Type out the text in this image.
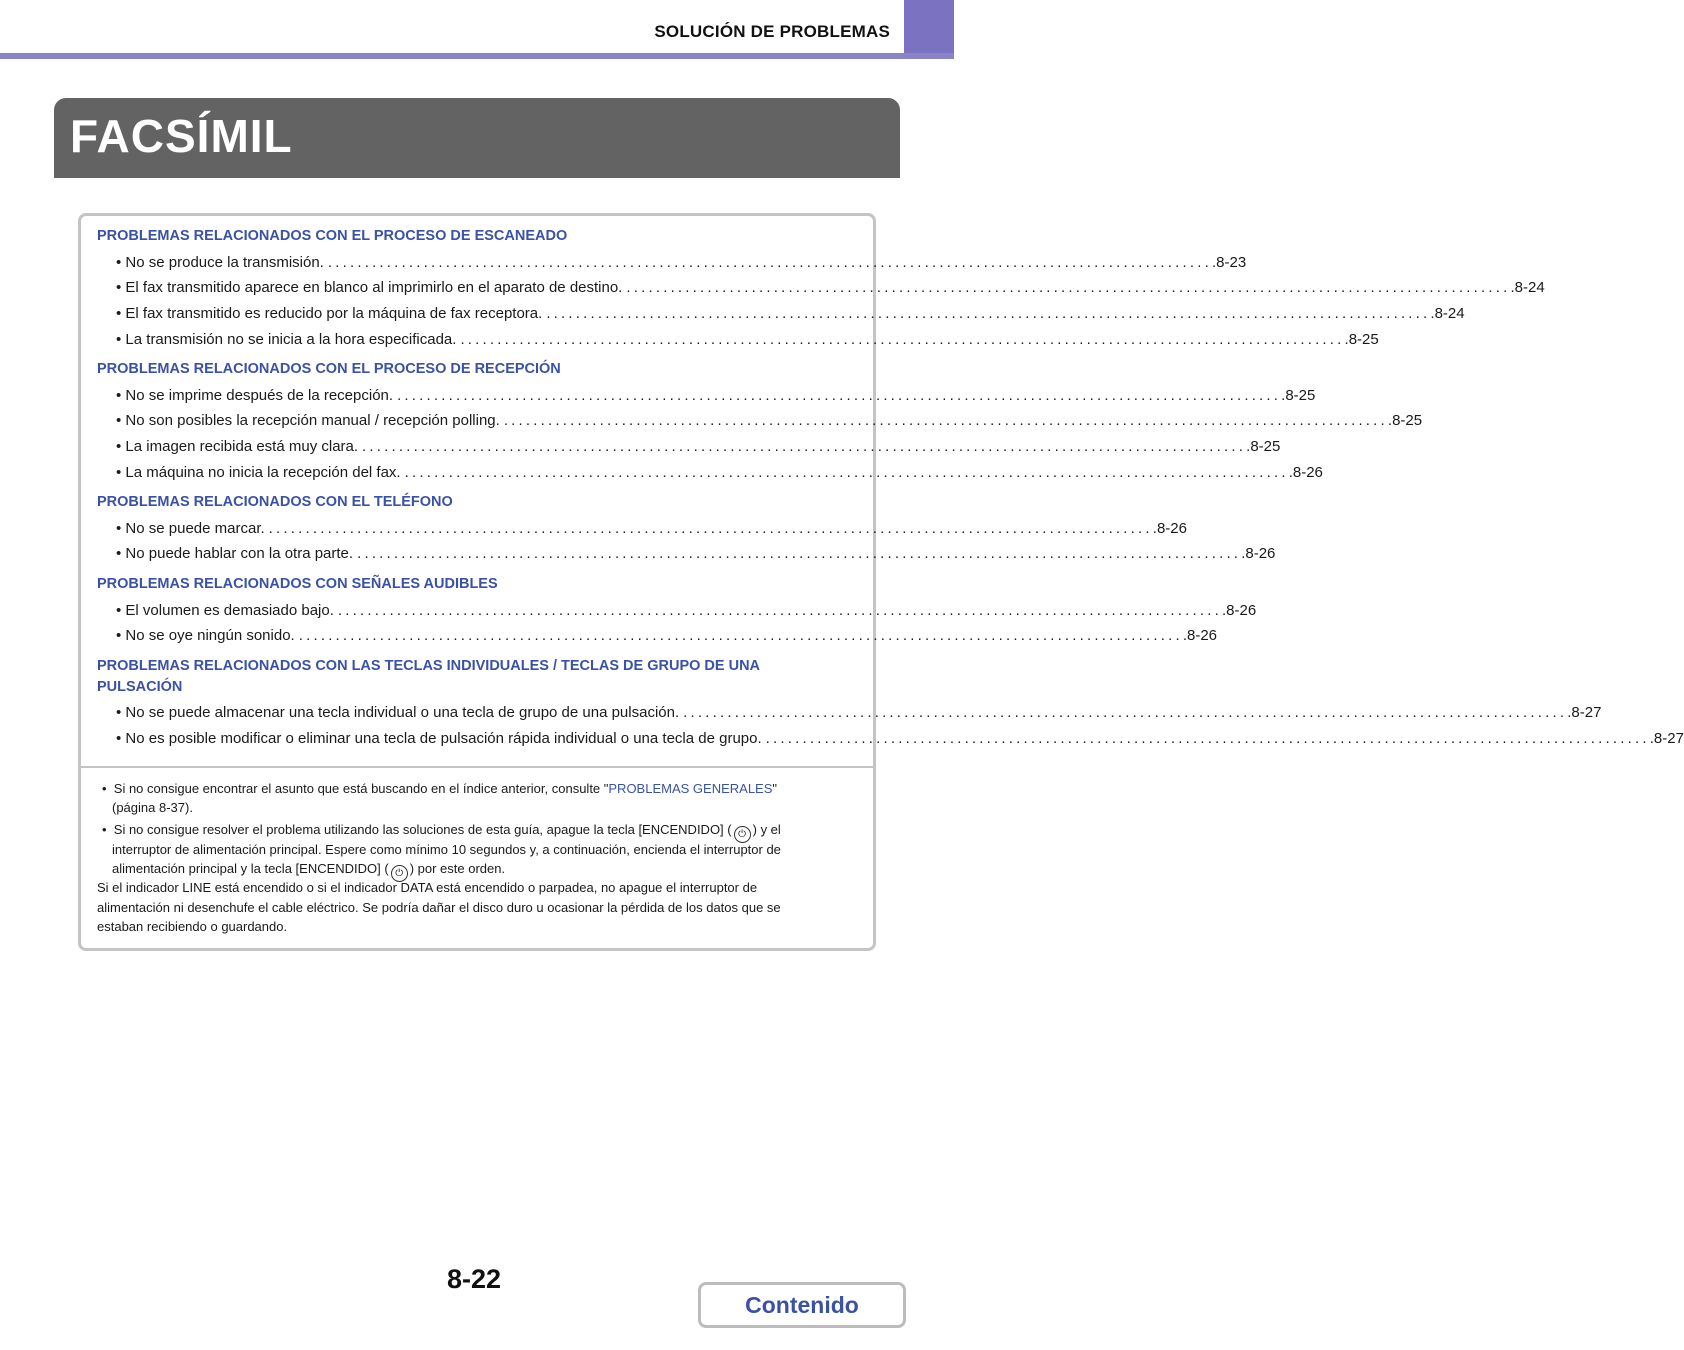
SOLUCIÓN DE PROBLEMAS
FACSÍMIL
PROBLEMAS RELACIONADOS CON EL PROCESO DE ESCANEADO
• No se produce la transmisión. ........................................................................................................................ .8-23
• El fax transmitido aparece en blanco al imprimirlo en el aparato de destino. ........................................................................................................................ .8-24
• El fax transmitido es reducido por la máquina de fax receptora. ........................................................................................................................ .8-24
• La transmisión no se inicia a la hora especificada. ........................................................................................................................ .8-25
PROBLEMAS RELACIONADOS CON EL PROCESO DE RECEPCIÓN
• No se imprime después de la recepción. ........................................................................................................................ .8-25
• No son posibles la recepción manual / recepción polling. ........................................................................................................................ .8-25
• La imagen recibida está muy clara. ........................................................................................................................ .8-25
• La máquina no inicia la recepción del fax. ........................................................................................................................ .8-26
PROBLEMAS RELACIONADOS CON EL TELÉFONO
• No se puede marcar. ........................................................................................................................ .8-26
• No puede hablar con la otra parte. ........................................................................................................................ .8-26
PROBLEMAS RELACIONADOS CON SEÑALES AUDIBLES
• El volumen es demasiado bajo. ........................................................................................................................ .8-26
• No se oye ningún sonido. ........................................................................................................................ .8-26
PROBLEMAS RELACIONADOS CON LAS TECLAS INDIVIDUALES / TECLAS DE GRUPO DE UNA PULSACIÓN
• No se puede almacenar una tecla individual o una tecla de grupo de una pulsación. ........................................................................................................................ .8-27
• No es posible modificar o eliminar una tecla de pulsación rápida individual o una tecla de grupo. ........................................................................................................................ .8-27
•  Si no consigue encontrar el asunto que está buscando en el índice anterior, consulte "PROBLEMAS GENERALES"
(página 8-37).
•  Si no consigue resolver el problema utilizando las soluciones de esta guía, apague la tecla [ENCENDIDO] ( ⏻ ) y el
interruptor de alimentación principal. Espere como mínimo 10 segundos y, a continuación, encienda el interruptor de
alimentación principal y la tecla [ENCENDIDO] ( ⏻ ) por este orden.
Si el indicador LINE está encendido o si el indicador DATA está encendido o parpadea, no apague el interruptor de
alimentación ni desenchufe el cable eléctrico. Se podría dañar el disco duro u ocasionar la pérdida de los datos que se
estaban recibiendo o guardando.
8-22
Contenido
